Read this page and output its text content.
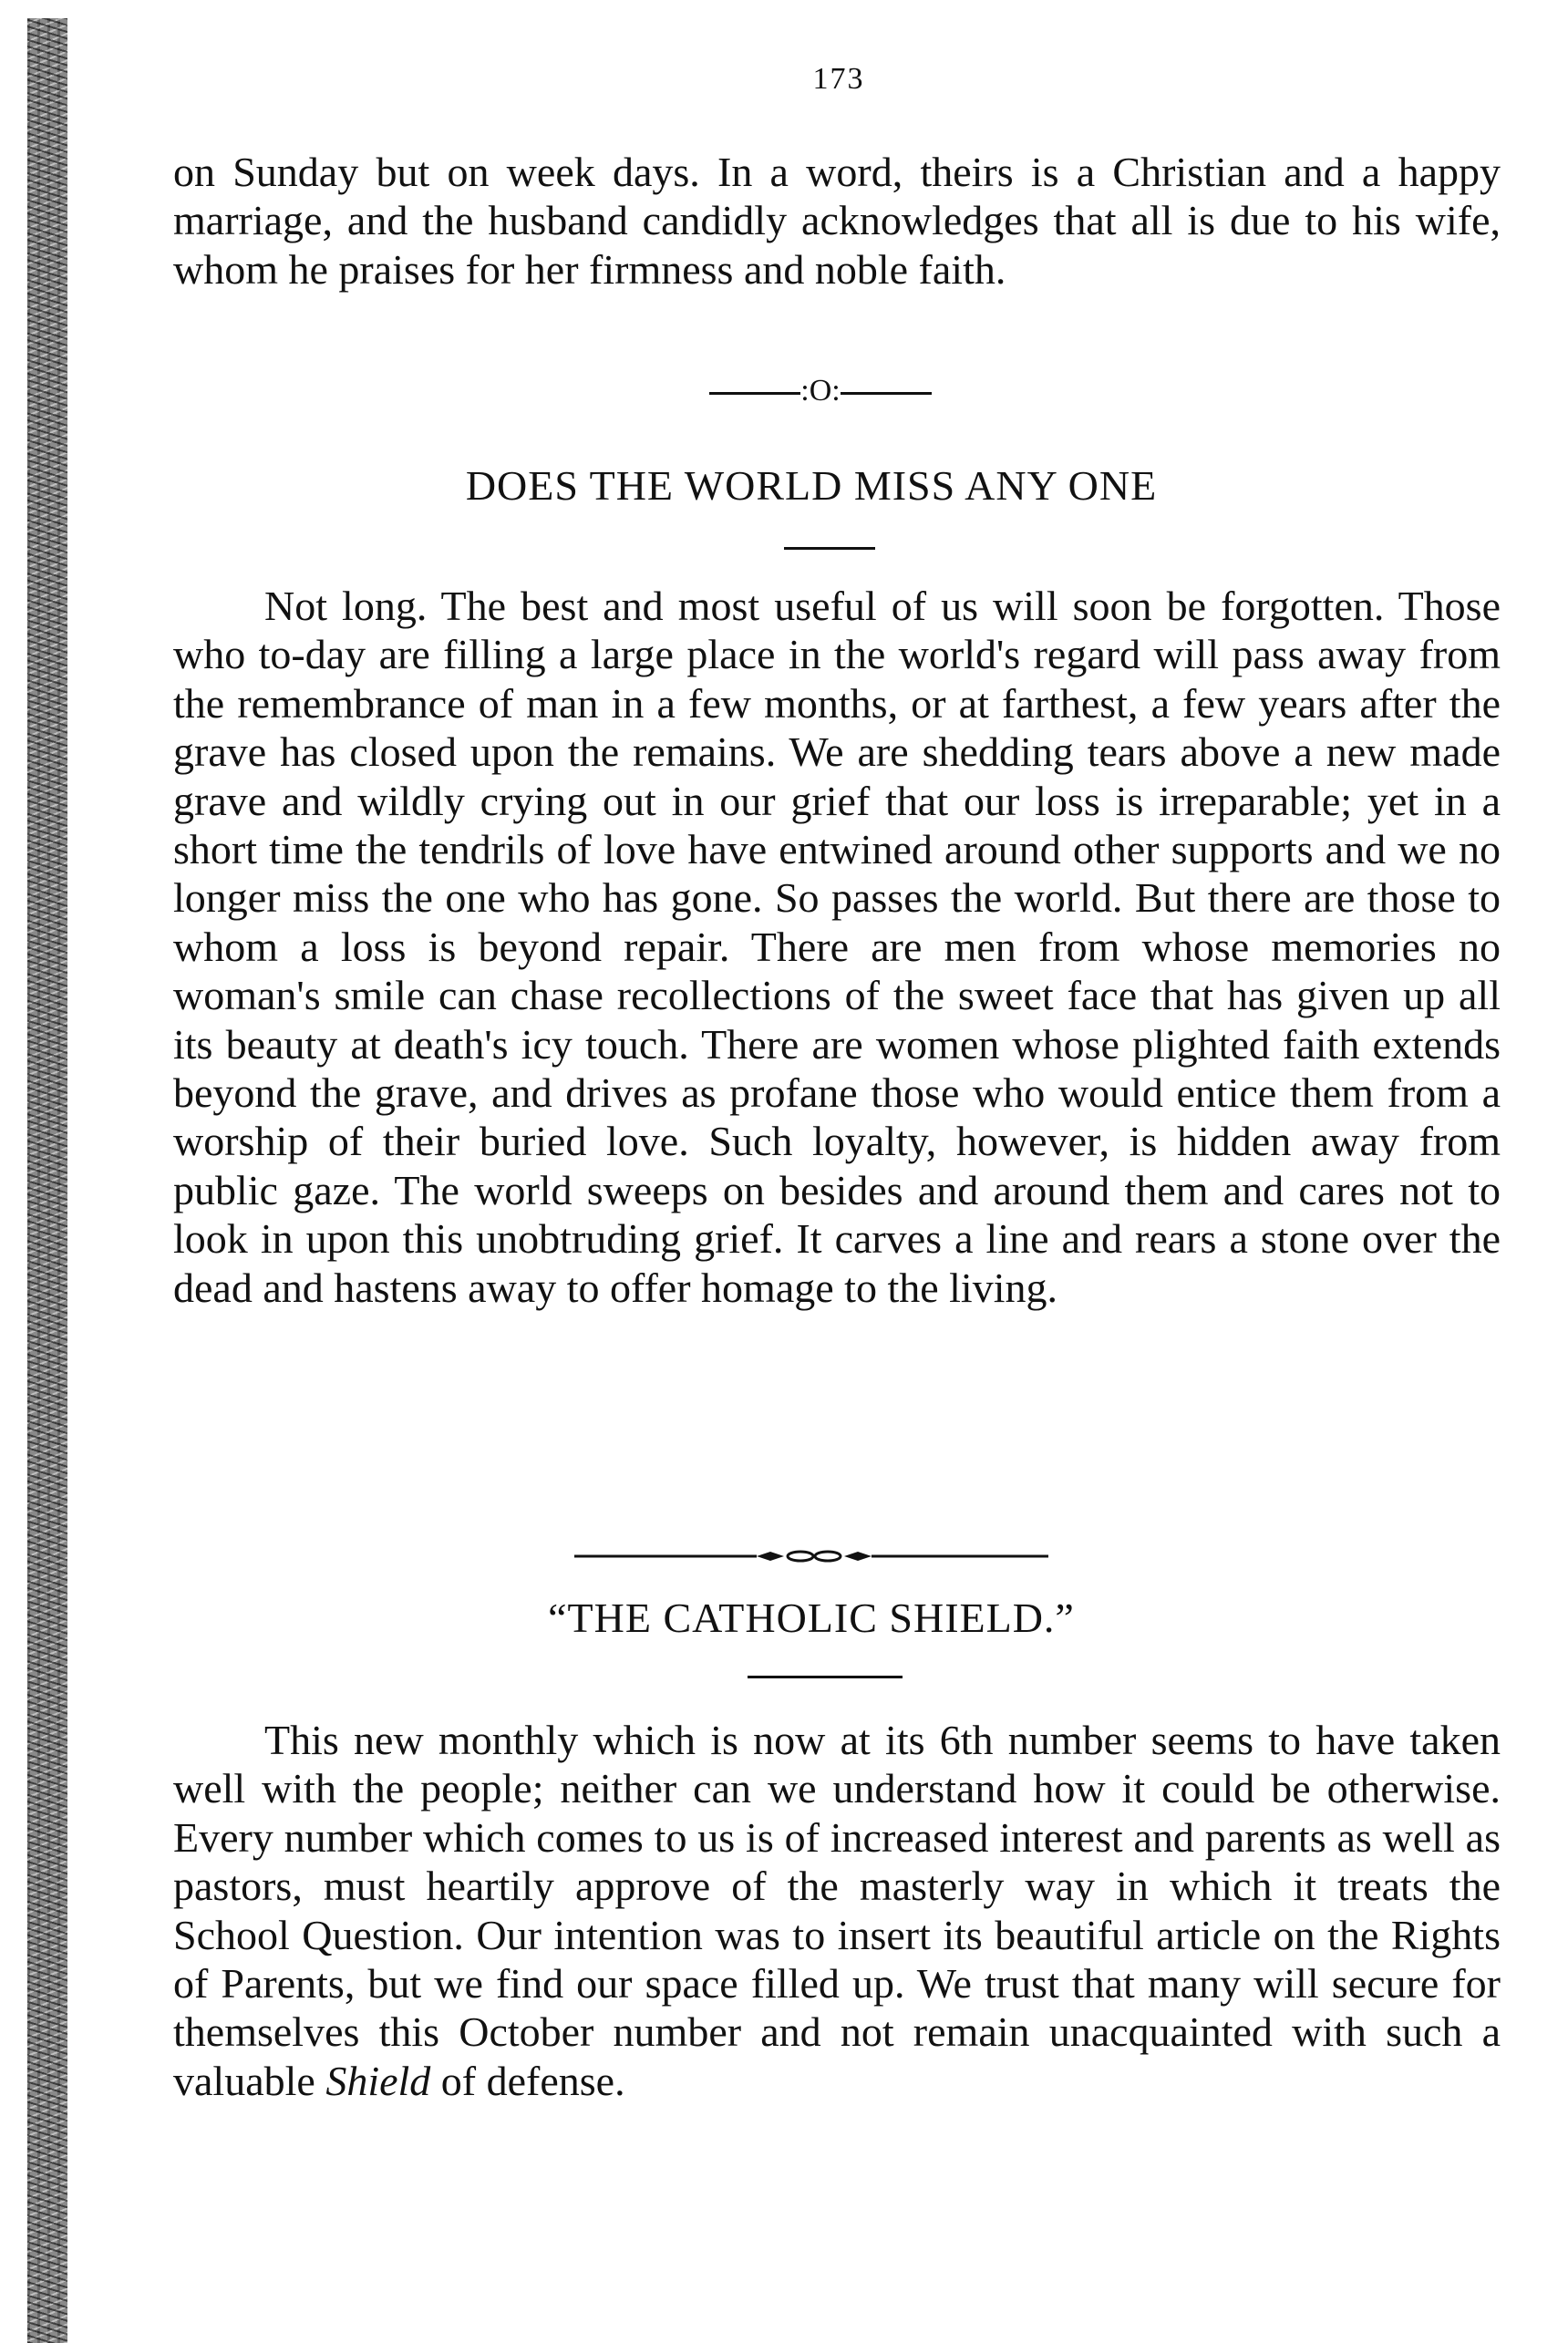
173

on Sunday but on week days. In a word, theirs is a Christian and a happy marriage, and the husband candidly acknowledges that all is due to his wife, whom he praises for her firmness and noble faith.

:O:
DOES THE WORLD MISS ANY ONE

Not long. The best and most useful of us will soon be forgotten. Those who to-day are filling a large place in the world's regard will pass away from the remembrance of man in a few months, or at farthest, a few years after the grave has closed upon the remains. We are shedding tears above a new made grave and wildly crying out in our grief that our loss is irreparable; yet in a short time the tendrils of love have entwined around other supports and we no longer miss the one who has gone. So passes the world. But there are those to whom a loss is beyond repair. There are men from whose memories no woman's smile can chase recollections of the sweet face that has given up all its beauty at death's icy touch. There are women whose plighted faith extends beyond the grave, and drives as profane those who would entice them from a worship of their buried love. Such loyalty, however, is hidden away from public gaze. The world sweeps on besides and around them and cares not to look in upon this unobtruding grief. It carves a line and rears a stone over the dead and hastens away to offer homage to the living.

“THE CATHOLIC SHIELD.”

This new monthly which is now at its 6th number seems to have taken well with the people; neither can we understand how it could be otherwise. Every number which comes to us is of increased interest and parents as well as pastors, must heartily approve of the masterly way in which it treats the School Question. Our intention was to insert its beautiful article on the Rights of Parents, but we find our space filled up. We trust that many will secure for themselves this October number and not remain unacquainted with such a valuable Shield of defense.
